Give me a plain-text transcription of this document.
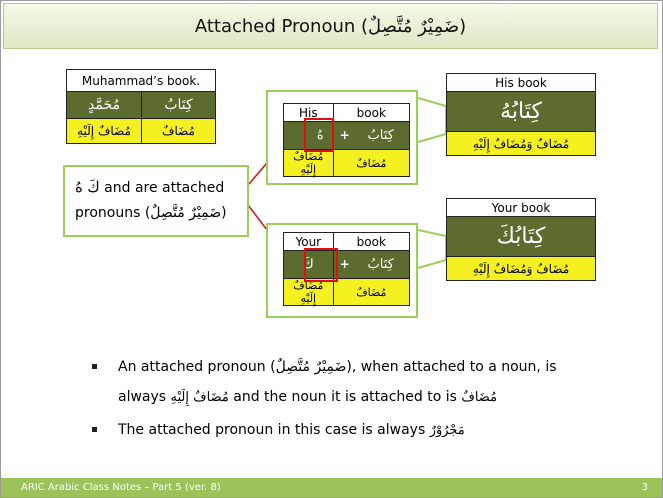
Attached Pronoun (ضَمِيْرٌ مُتَّصِلٌ)
Muhammad’s book.	
مُحَمَّدٍ	كِتَابُ
مُضَافٌ إِلَيْهِ	مُضَافٌ
His	book
هُ	+ كِتَابُ
مُضَافٌ إِلَيْهِ	مُضَافٌ
Your	book
كَ	+ كِتَابُ
مُضَافٌ إِلَيْهِ	مُضَافٌ
His book
كِتَابُهُ
مُضَافٌ وَمُضَافٌ إِلَيْهِ
Your book
كِتَابُكَ
مُضَافٌ وَمُضَافٌ إِلَيْهِ
كَ هُ and are attached
pronouns (ضَمِيْرٌ مُتَّصِلٌ)
An attached pronoun (ضَمِيْرٌ مُتَّصِلٌ), when attached to a noun, is
always مُضَافٌ إِلَيْهِ and the noun it is attached to is مُضَافٌ
The attached pronoun in this case is always مَجْرُوْرٌ
ARIC Arabic Class Notes – Part 5 (ver. 8)	3
